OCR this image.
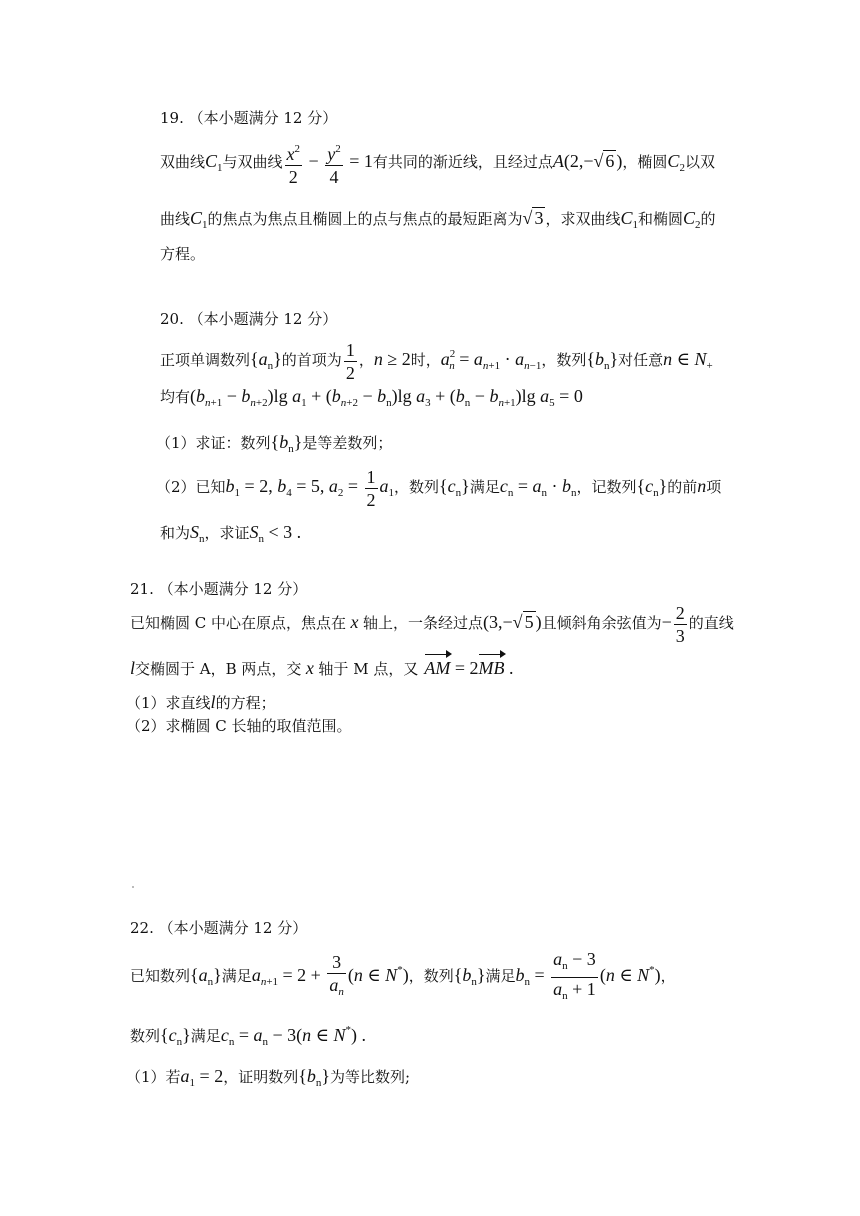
19. （本小题满分 12 分）
双曲线$C_1$与双曲线 $\frac{x^2}{2} - \frac{y^2}{4} = 1$有共同的渐近线，且经过点A(2,−√ 6 )，椭圆$C_2$以双
曲线$C_1$的焦点为焦点且椭圆上的点与焦点的最短距离为√ 3 ，求双曲线$C_1$和椭圆$C_2$的
方程。
20. （本小题满分 12 分）
正项单调数列$\{a_n\}$的首项为 $\frac{1}{2}$ ，n ≥ 2时，$a^2_n = a_{n+1} \cdot a_{n-1}$，数列$\{b_n\}$对任意n ∈ $N_+$
均有$(b_{n+1} - b_{n+2})\lg$ $a_1 + (b_{n+2} - b_n)\lg$ $a_3 + (b_n - b_{n+1})\lg$ $a_5 = 0$
（1）求证：数列$\{b_n\}$是等差数列；
（2）已知$b_1 = 2$, $b_4 = 5$, $a_2 = \frac{1}{2} a_1$，数列$\{c_n\}$满足$c_n = a_n \cdot b_n$，记数列$\{c_n\}$的前n项
和为$S_n$，求证$S_n < 3$ .
21. （本小题满分 12 分）
已知椭圆 C 中心在原点，焦点在 x 轴上，一条经过点(3,−√ 5 )且倾斜角余弦值为− $\frac{2}{3}$ 的直线
l交椭圆于 A，B 两点，交 x 轴于 M 点，又 AM = 2MB .
（1）求直线l的方程；
（2）求椭圆 C 长轴的取值范围。
22. （本小题满分 12 分）
已知数列$\{a_n\}$满足$a_{n+1} = 2 + \frac{3}{a_n} (n$ ∈ N*)，数列$\{b_n\}$满足$b_n = \frac{a_n - 3}{a_n + 1} (n$ ∈ N*)，
数列$\{c_n\}$满足$c_n = a_n - 3(n$ ∈ N*) .
（1）若$a_1 = 2$，证明数列$\{b_n\}$为等比数列;
